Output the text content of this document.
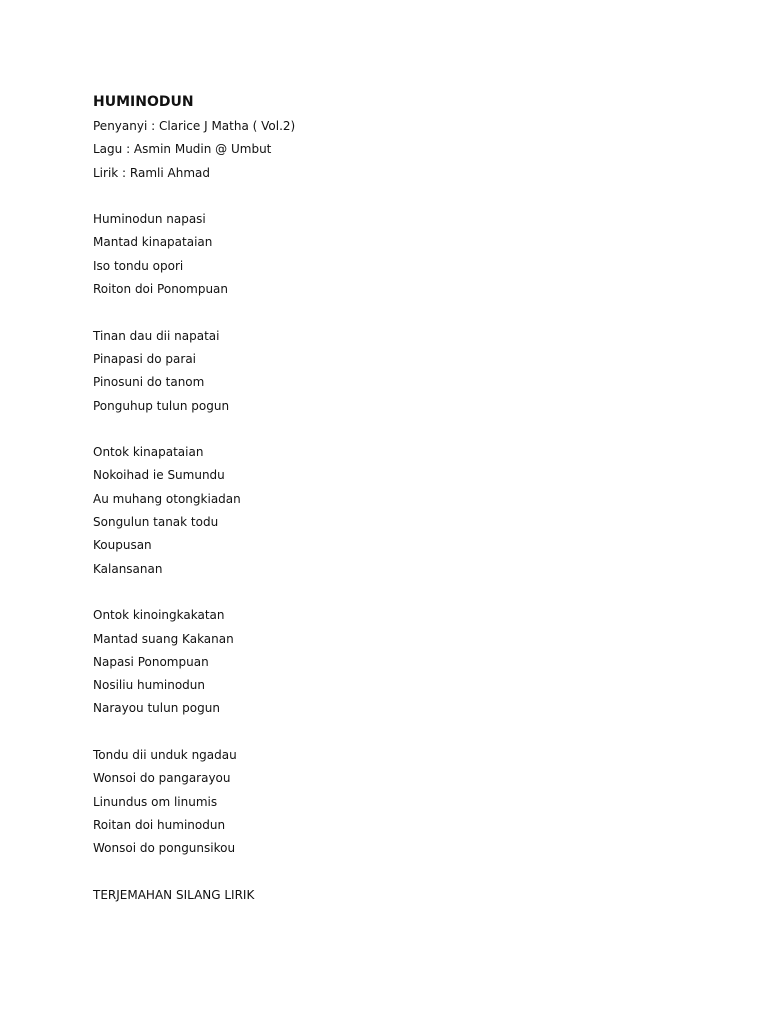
HUMINODUN
Penyanyi : Clarice J Matha ( Vol.2)
Lagu : Asmin Mudin @ Umbut
Lirik : Ramli Ahmad
Huminodun napasi
Mantad kinapataian
Iso tondu opori
Roiton doi Ponompuan
Tinan dau dii napatai
Pinapasi do parai
Pinosuni do tanom
Ponguhup tulun pogun
Ontok kinapataian
Nokoihad ie Sumundu
Au muhang otongkiadan
Songulun tanak todu
Koupusan
Kalansanan
Ontok kinoingkakatan
Mantad suang Kakanan
Napasi Ponompuan
Nosiliu huminodun
Narayou tulun pogun
Tondu dii unduk ngadau
Wonsoi do pangarayou
Linundus om linumis
Roitan doi huminodun
Wonsoi do pongunsikou
TERJEMAHAN SILANG LIRIK
